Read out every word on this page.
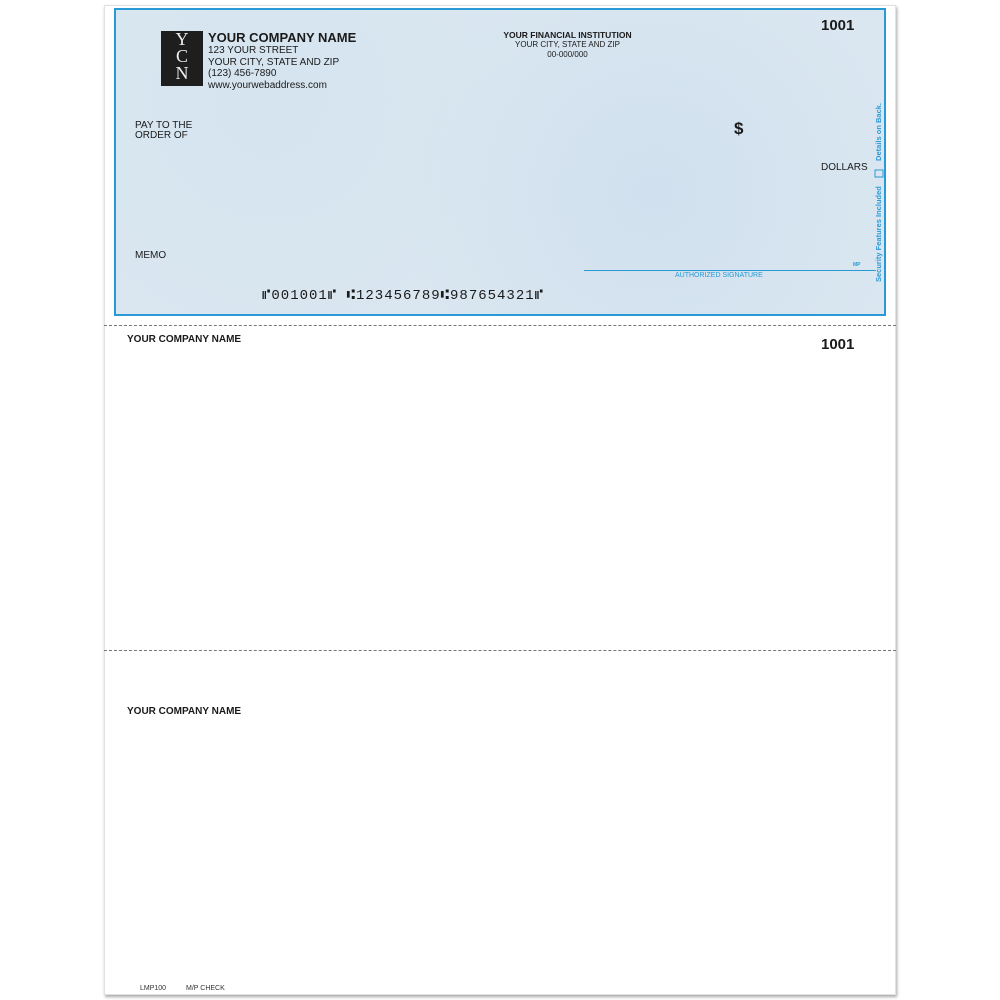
Y
C
N
YOUR COMPANY NAME
123 YOUR STREET
YOUR CITY, STATE AND ZIP
(123) 456-7890
www.yourwebaddress.com
YOUR FINANCIAL INSTITUTION
YOUR CITY, STATE AND ZIP
00-000/000
1001
PAY TO THE
ORDER OF	$
DOLLARS
MEMO
MP
AUTHORIZED SIGNATURE
⑈001001⑈ ⑆123456789⑆987654321⑈
Security Features Included  Details on Back.
YOUR COMPANY NAME	1001
YOUR COMPANY NAME
LMP100	M/P CHECK
